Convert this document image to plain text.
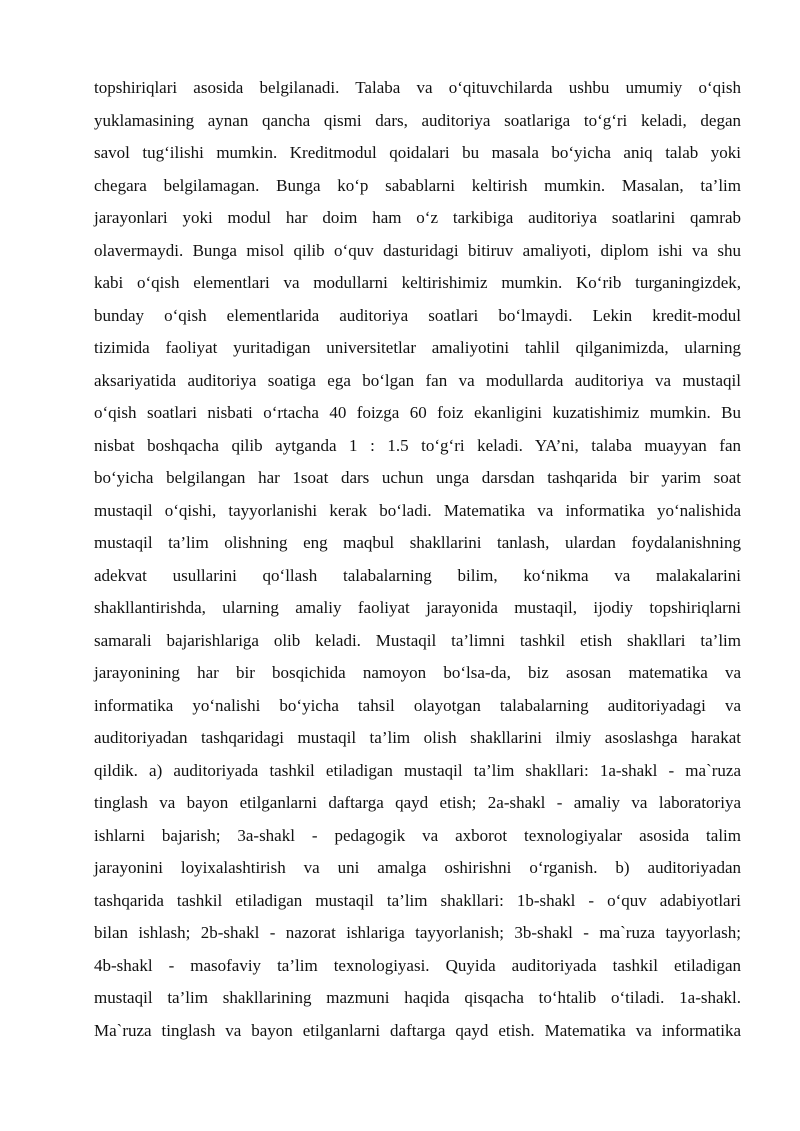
topshiriqlari asosida belgilanadi. Talaba va o‘qituvchilarda ushbu umumiy o‘qish
yuklamasining aynan qancha qismi dars, auditoriya soatlariga to‘g‘ri keladi, degan
savol tug‘ilishi mumkin. Kreditmodul qoidalari bu masala bo‘yicha aniq talab yoki
chegara belgilamagan. Bunga ko‘p sabablarni keltirish mumkin. Masalan, ta’lim
jarayonlari yoki modul har doim ham o‘z tarkibiga auditoriya soatlarini qamrab
olavermaydi. Bunga misol qilib o‘quv dasturidagi bitiruv amaliyoti, diplom ishi va shu
kabi o‘qish elementlari va modullarni keltirishimiz mumkin. Ko‘rib turganingizdek,
bunday o‘qish elementlarida auditoriya soatlari bo‘lmaydi. Lekin kredit-modul
tizimida faoliyat yuritadigan universitetlar amaliyotini tahlil qilganimizda, ularning
aksariyatida auditoriya soatiga ega bo‘lgan fan va modullarda auditoriya va mustaqil
o‘qish soatlari nisbati o‘rtacha 40 foizga 60 foiz ekanligini kuzatishimiz mumkin. Bu
nisbat boshqacha qilib aytganda 1 : 1.5 to‘g‘ri keladi. YA’ni, talaba muayyan fan
bo‘yicha belgilangan har 1soat dars uchun unga darsdan tashqarida bir yarim soat
mustaqil o‘qishi, tayyorlanishi kerak bo‘ladi. Matematika va informatika yo‘nalishida
mustaqil ta’lim olishning eng maqbul shakllarini tanlash, ulardan foydalanishning
adekvat usullarini qo‘llash talabalarning bilim, ko‘nikma va malakalarini
shakllantirishda, ularning amaliy faoliyat jarayonida mustaqil, ijodiy topshiriqlarni
samarali bajarishlariga olib keladi. Mustaqil ta’limni tashkil etish shakllari ta’lim
jarayonining har bir bosqichida namoyon bo‘lsa-da, biz asosan matematika va
informatika yo‘nalishi bo‘yicha tahsil olayotgan talabalarning auditoriyadagi va
auditoriyadan tashqaridagi mustaqil ta’lim olish shakllarini ilmiy asoslashga harakat
qildik. a) auditoriyada tashkil etiladigan mustaqil ta’lim shakllari: 1a-shakl - ma`ruza
tinglash va bayon etilganlarni daftarga qayd etish; 2a-shakl - amaliy va laboratoriya
ishlarni bajarish; 3a-shakl - pedagogik va axborot texnologiyalar asosida talim
jarayonini loyixalashtirish va uni amalga oshirishni o‘rganish. b) auditoriyadan
tashqarida tashkil etiladigan mustaqil ta’lim shakllari: 1b-shakl - o‘quv adabiyotlari
bilan ishlash; 2b-shakl - nazorat ishlariga tayyorlanish; 3b-shakl - ma`ruza tayyorlash;
4b-shakl - masofaviy ta’lim texnologiyasi. Quyida auditoriyada tashkil etiladigan
mustaqil ta’lim shakllarining mazmuni haqida qisqacha to‘htalib o‘tiladi. 1a-shakl.
Ma`ruza tinglash va bayon etilganlarni daftarga qayd etish. Matematika va informatika
